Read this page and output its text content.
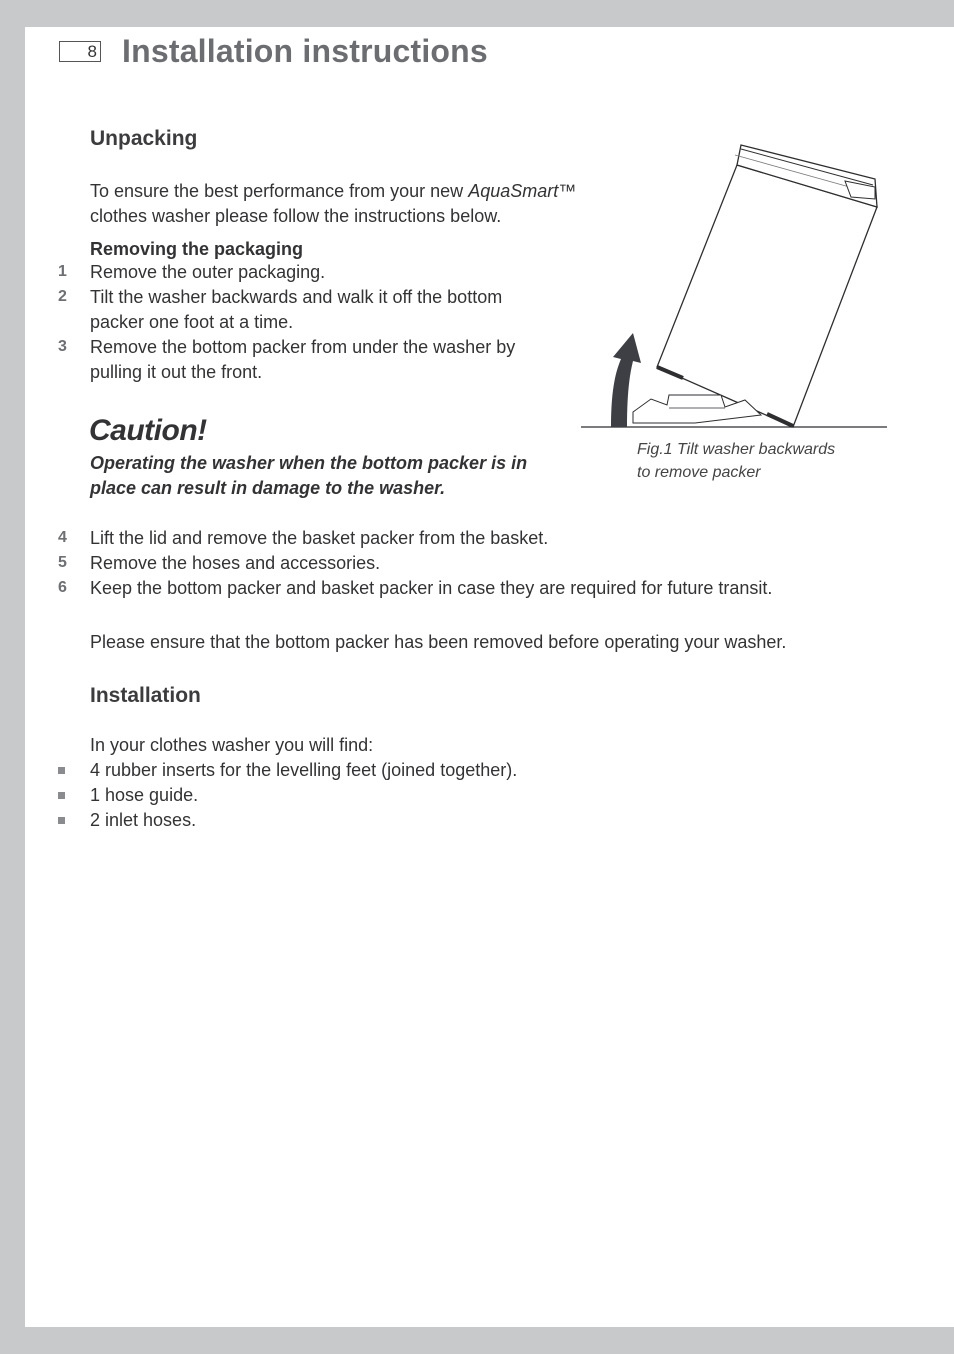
8 Installation instructions
Unpacking
To ensure the best performance from your new AquaSmart™
clothes washer please follow the instructions below.
Removing the packaging
1	Remove the outer packaging.
2	Tilt the washer backwards and walk it off the bottom
packer one foot at a time.
3	Remove the bottom packer from under the washer by
pulling it out the front.
Caution!
Operating the washer when the bottom packer is in
place can result in damage to the washer.
Fig.1 Tilt washer backwards
to remove packer
4	Lift the lid and remove the basket packer from the basket.
5	Remove the hoses and accessories.
6	Keep the bottom packer and basket packer in case they are required for future transit.
Please ensure that the bottom packer has been removed before operating your washer.
Installation
In your clothes washer you will find:
4 rubber inserts for the levelling feet (joined together).
1 hose guide.
2 inlet hoses.
